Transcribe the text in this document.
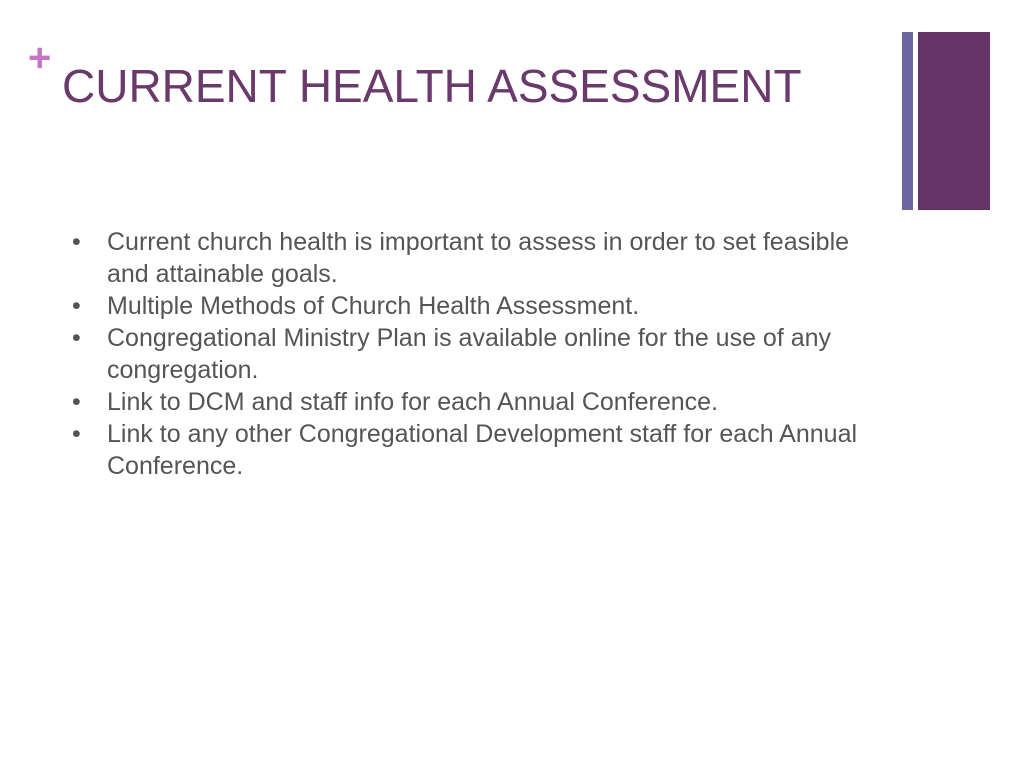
+
CURRENT HEALTH ASSESSMENT
•	Current church health is important to assess in order to set feasible and attainable goals.
•	Multiple Methods of Church Health Assessment.
•	Congregational Ministry Plan is available online for the use of any congregation.
•	Link to DCM and staff info for each Annual Conference.
•	Link to any other Congregational Development staff for each Annual Conference.
